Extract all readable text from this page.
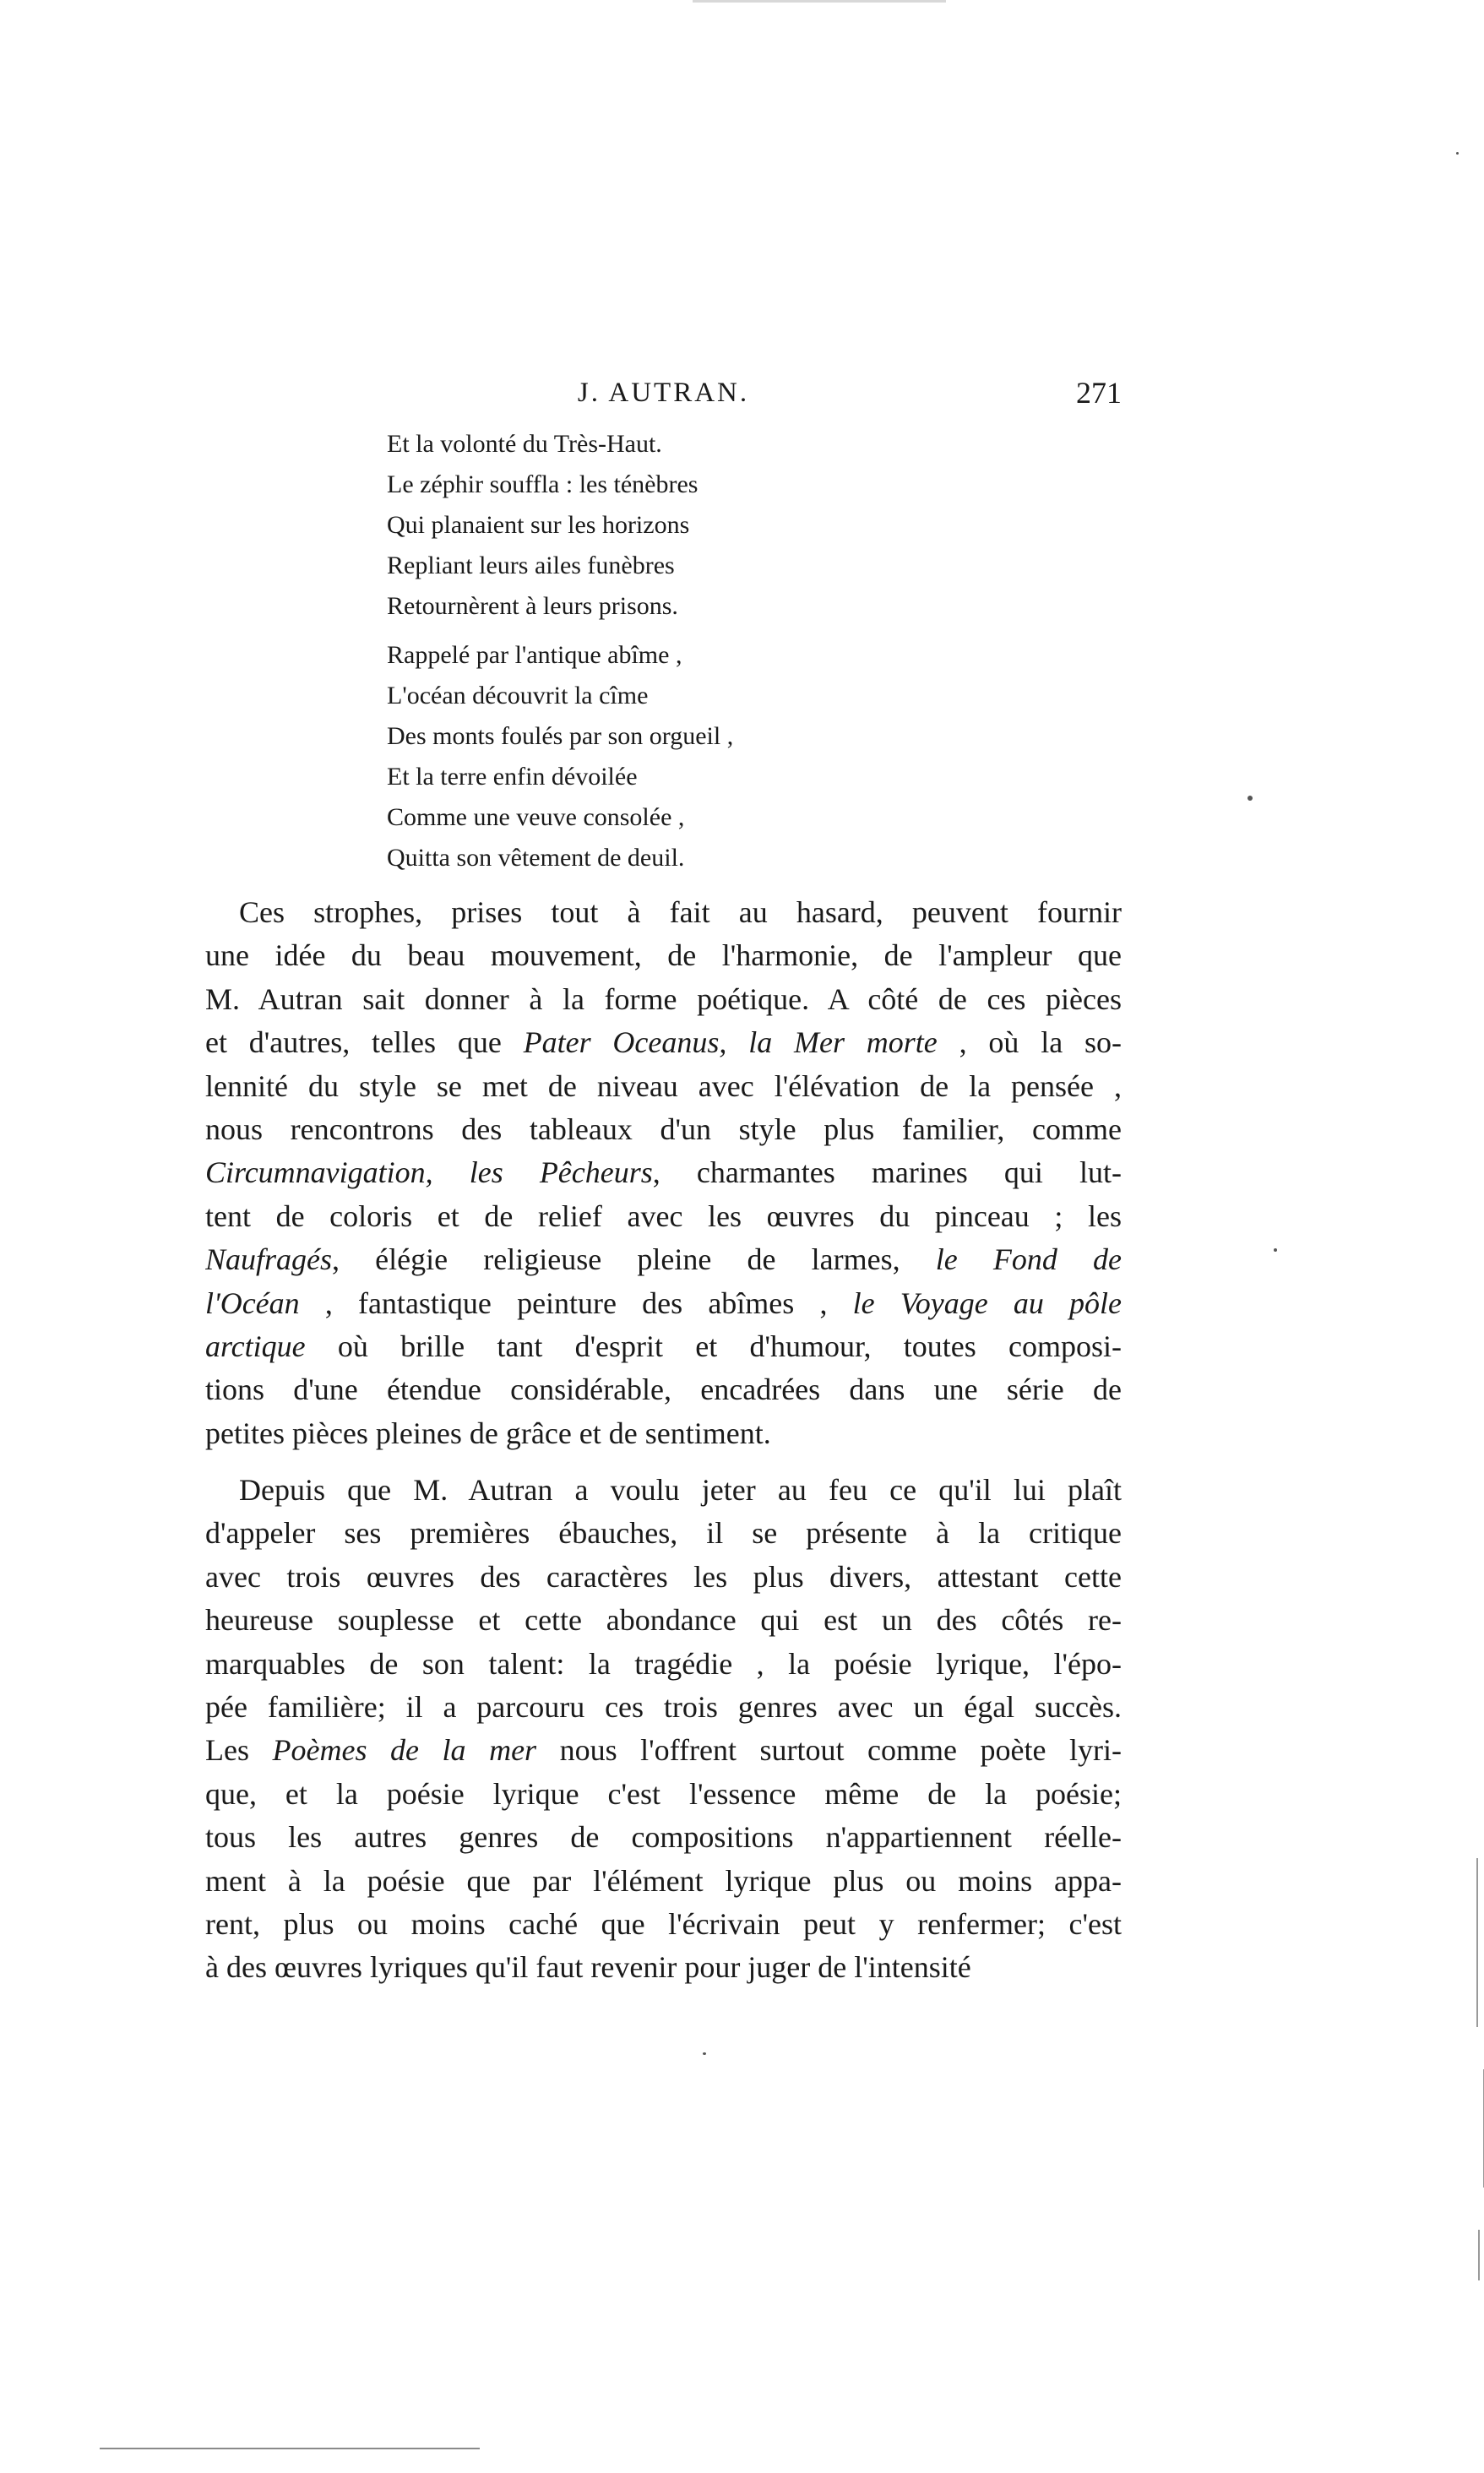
J. AUTRAN.	271
Et la volonté du Très-Haut.
Le zéphir souffla : les ténèbres
Qui planaient sur les horizons
Repliant leurs ailes funèbres
Retournèrent à leurs prisons.
Rappelé par l'antique abîme ,
L'océan découvrit la cîme
Des monts foulés par son orgueil ,
Et la terre enfin dévoilée
Comme une veuve consolée ,
Quitta son vêtement de deuil.
Ces strophes, prises tout à fait au hasard, peuvent fournir
une idée du beau mouvement, de l'harmonie, de l'ampleur que
M. Autran sait donner à la forme poétique. A côté de ces pièces
et d'autres, telles que Pater Oceanus, la Mer morte , où la so-
lennité du style se met de niveau avec l'élévation de la pensée ,
nous rencontrons des tableaux d'un style plus familier, comme
Circumnavigation, les Pêcheurs, charmantes marines qui lut-
tent de coloris et de relief avec les œuvres du pinceau ; les
Naufragés, élégie religieuse pleine de larmes, le Fond de
l'Océan , fantastique peinture des abîmes , le Voyage au pôle
arctique où brille tant d'esprit et d'humour, toutes composi-
tions d'une étendue considérable, encadrées dans une série de
petites pièces pleines de grâce et de sentiment.
Depuis que M. Autran a voulu jeter au feu ce qu'il lui plaît
d'appeler ses premières ébauches, il se présente à la critique
avec trois œuvres des caractères les plus divers, attestant cette
heureuse souplesse et cette abondance qui est un des côtés re-
marquables de son talent: la tragédie , la poésie lyrique, l'épo-
pée familière; il a parcouru ces trois genres avec un égal succès.
Les Poèmes de la mer nous l'offrent surtout comme poète lyri-
que, et la poésie lyrique c'est l'essence même de la poésie;
tous les autres genres de compositions n'appartiennent réelle-
ment à la poésie que par l'élément lyrique plus ou moins appa-
rent, plus ou moins caché que l'écrivain peut y renfermer; c'est
à des œuvres lyriques qu'il faut revenir pour juger de l'intensité
